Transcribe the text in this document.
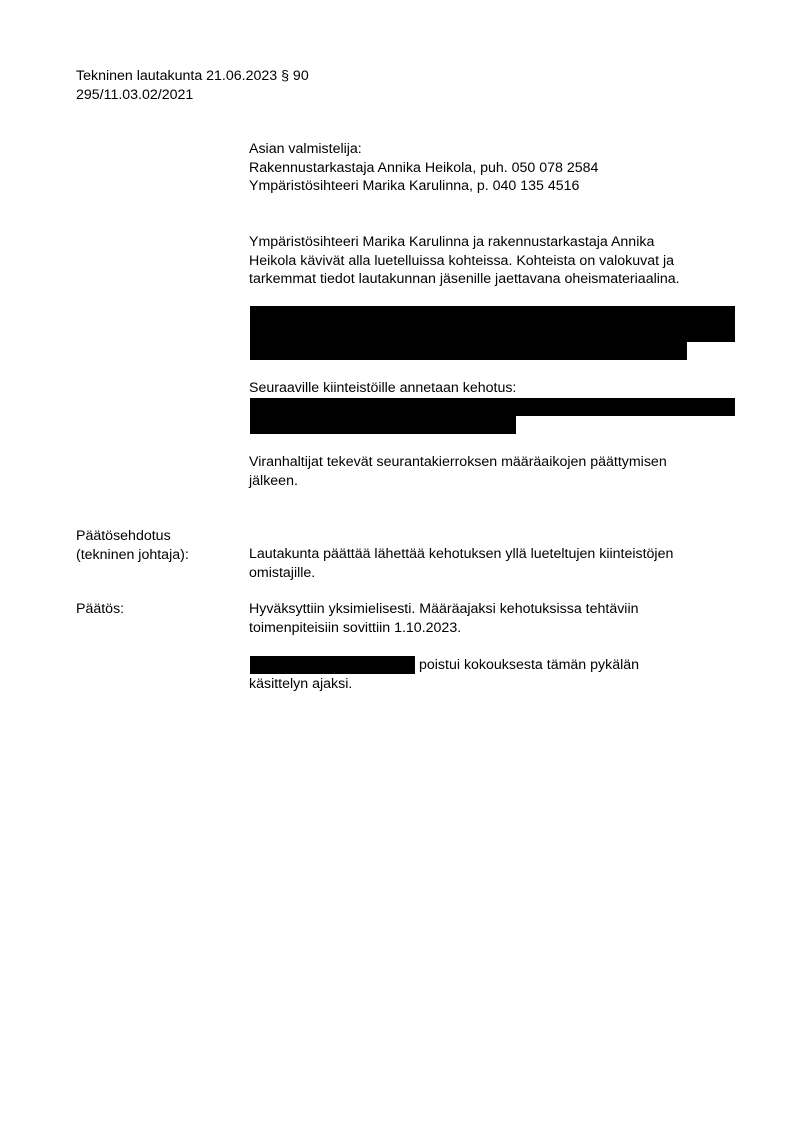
Tekninen lautakunta 21.06.2023 § 90
295/11.03.02/2021
Asian valmistelija:
Rakennustarkastaja Annika Heikola, puh. 050 078 2584
Ympäristösihteeri Marika Karulinna, p. 040 135 4516
Ympäristösihteeri Marika Karulinna ja rakennustarkastaja Annika
Heikola kävivät alla luetelluissa kohteissa. Kohteista on valokuvat ja
tarkemmat tiedot lautakunnan jäsenille jaettavana oheismateriaalina.
Seuraaville kiinteistöille annetaan kehotus:
Viranhaltijat tekevät seurantakierroksen määräaikojen päättymisen
jälkeen.
Päätösehdotus
(tekninen johtaja):	Lautakunta päättää lähettää kehotuksen yllä lueteltujen kiinteistöjen
omistajille.
Päätös:	Hyväksyttiin yksimielisesti. Määräajaksi kehotuksissa tehtäviin
toimenpiteisiin sovittiin 1.10.2023.
poistui kokouksesta tämän pykälän
käsittelyn ajaksi.
